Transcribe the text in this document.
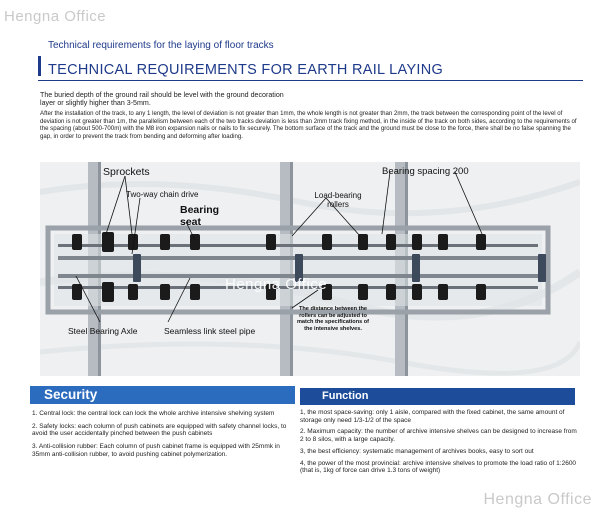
Hengna Office
Technical requirements for the laying of floor tracks
TECHNICAL REQUIREMENTS FOR EARTH RAIL LAYING
The buried depth of the ground rail should be level with the ground decoration layer or slightly higher than 3-5mm.
After the installation of the track, to any 1 length, the level of deviation is not greater than 1mm, the whole length is not greater than 2mm, the track between the corresponding point of the level of deviation is not greater than 1m, the parallelism between each of the two tracks deviation is less than 2mm track fixing method, in the inside of the track on both sides, according to the requirements of the spacing (about 500-700m) with the M8 iron expansion nails or nails to fix securely. The bottom surface of the track and the ground must be close to the force, there shall be no false spanning the gap, in order to prevent the track from bending and deforming after loading.
Hengna Office
Sprockets
Two-way chain drive
Bearing seat
Load-bearing rollers
Bearing spacing 200
Steel Bearing Axle	Seamless link steel pipe
The distance between the rollers can be adjusted to match the specifications of the intensive shelves.
Security

1. Central lock: the central lock can lock the whole archive intensive shelving system

2. Safety locks: each column of push cabinets are equipped with safety channel locks, to avoid the user accidentally pinched between the push cabinets

3. Anti-collision rubber: Each column of push cabinet frame is equipped with 25mmk in 35mm anti-collision rubber, to avoid pushing cabinet polymerization.

Function

1, the most space-saving: only 1 aisle, compared with the fixed cabinet, the same amount of storage only need 1/3-1/2 of the space

2. Maximum capacity: the number of archive intensive shelves can be designed to increase from 2 to 8 silos, with a large capacity.

3, the best efficiency: systematic management of archives books, easy to sort out

4, the power of the most provincial: archive intensive shelves to promote the load ratio of 1:2600 (that is, 1kg of force can drive 1.3 tons of weight)

Hengna Office
